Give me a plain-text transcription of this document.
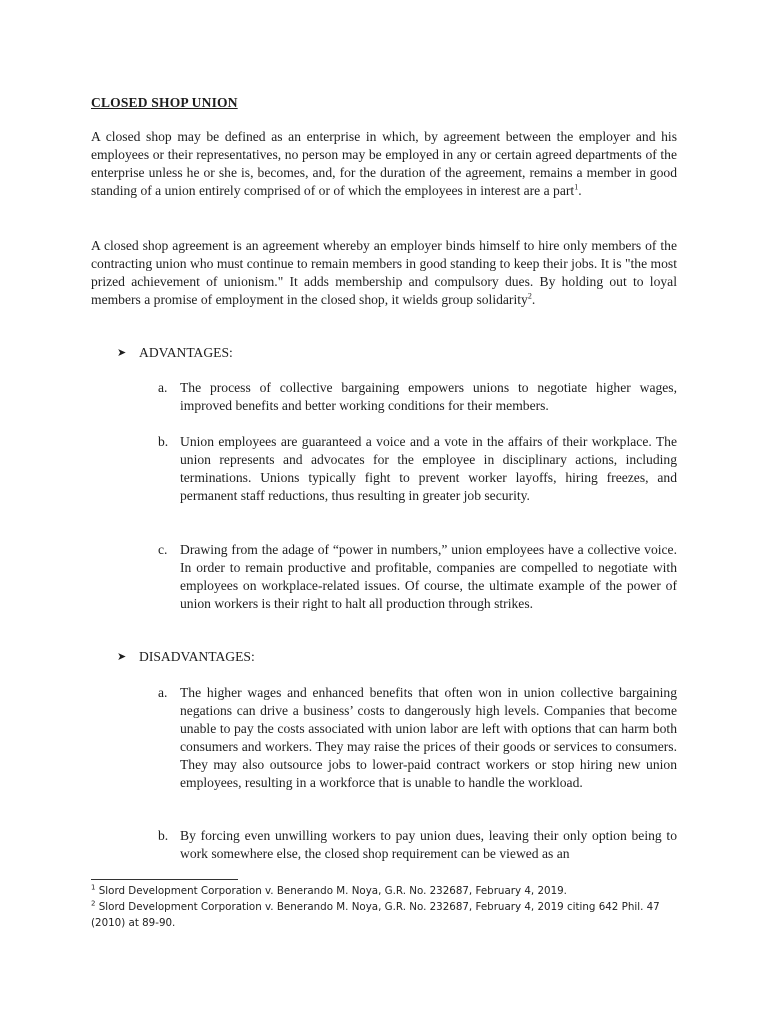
CLOSED SHOP UNION

A closed shop may be defined as an enterprise in which, by agreement between the employer and his employees or their representatives, no person may be employed in any or certain agreed departments of the enterprise unless he or she is, becomes, and, for the duration of the agreement, remains a member in good standing of a union entirely comprised of or of which the employees in interest are a part$^1$.

A closed shop agreement is an agreement whereby an employer binds himself to hire only members of the contracting union who must continue to remain members in good standing to keep their jobs. It is "the most prized achievement of unionism." It adds membership and compulsory dues. By holding out to loyal members a promise of employment in the closed shop, it wields group solidarity$^2$.

➤ ADVANTAGES:
a. The process of collective bargaining empowers unions to negotiate higher wages, improved benefits and better working conditions for their members.
b. Union employees are guaranteed a voice and a vote in the affairs of their workplace. The union represents and advocates for the employee in disciplinary actions, including terminations. Unions typically fight to prevent worker layoffs, hiring freezes, and permanent staff reductions, thus resulting in greater job security.
c. Drawing from the adage of “power in numbers,” union employees have a collective voice. In order to remain productive and profitable, companies are compelled to negotiate with employees on workplace-related issues. Of course, the ultimate example of the power of union workers is their right to halt all production through strikes.
➤ DISADVANTAGES:
a. The higher wages and enhanced benefits that often won in union collective bargaining negations can drive a business’ costs to dangerously high levels. Companies that become unable to pay the costs associated with union labor are left with options that can harm both consumers and workers. They may raise the prices of their goods or services to consumers. They may also outsource jobs to lower-paid contract workers or stop hiring new union employees, resulting in a workforce that is unable to handle the workload.
b. By forcing even unwilling workers to pay union dues, leaving their only option being to work somewhere else, the closed shop requirement can be viewed as an

$^1$ Slord Development Corporation v. Benerando M. Noya, G.R. No. 232687, February 4, 2019.

$^2$ Slord Development Corporation v. Benerando M. Noya, G.R. No. 232687, February 4, 2019 citing 642 Phil. 47 (2010) at 89-90.
